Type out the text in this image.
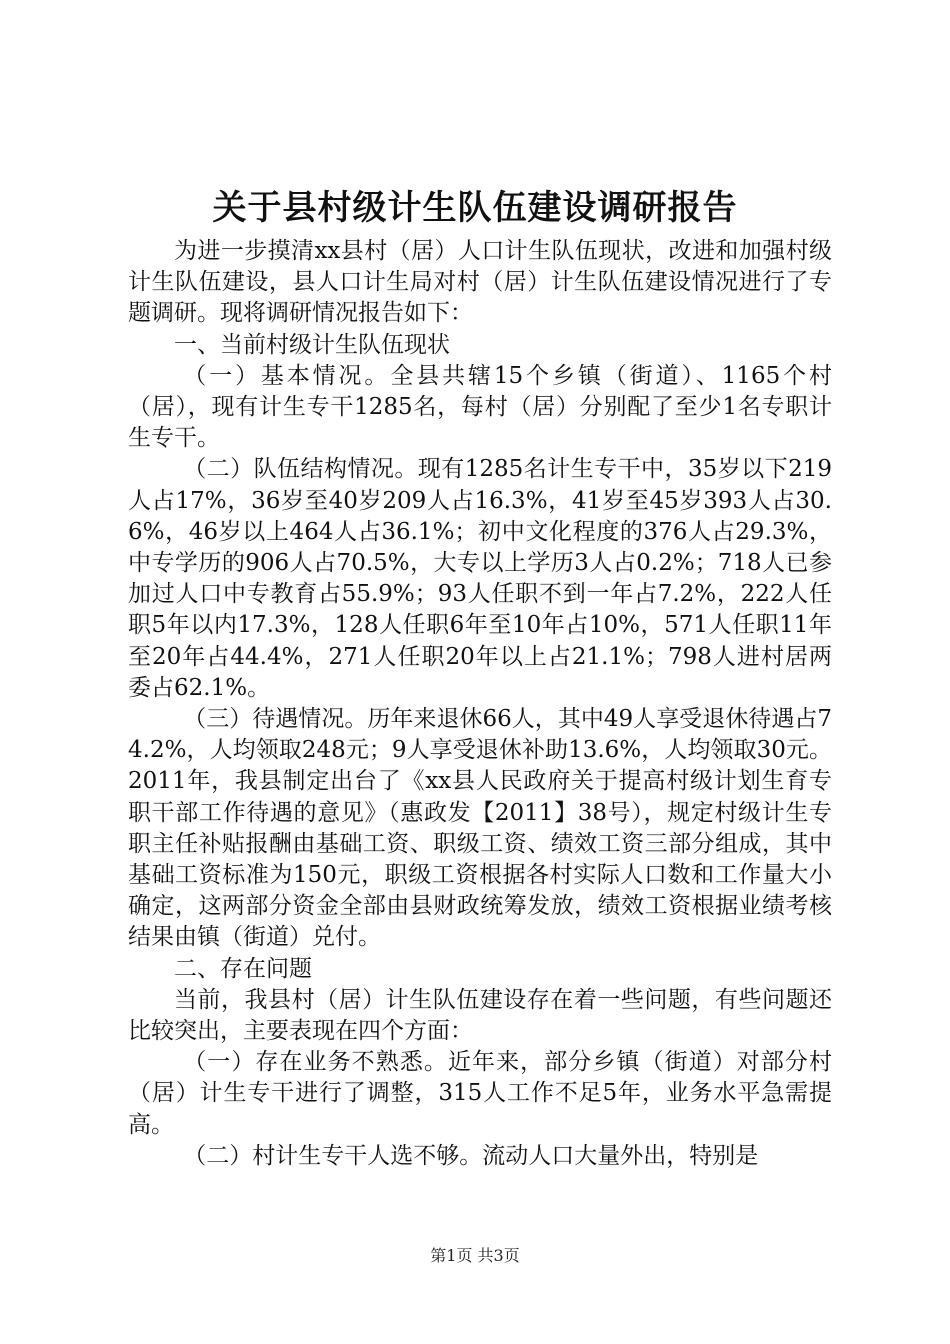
关于县村级计生队伍建设调研报告

为进一步摸清xx县村（居）人口计生队伍现状，改进和加强村级计生队伍建设，县人口计生局对村（居）计生队伍建设情况进行了专题调研。现将调研情况报告如下：

一、当前村级计生队伍现状

（一）基本情况。全县共辖15个乡镇（街道）、1165个村（居），现有计生专干1285名，每村（居）分别配了至少1名专职计生专干。

（二）队伍结构情况。现有1285名计生专干中，35岁以下219人占17%，36岁至40岁209人占16.3%，41岁至45岁393人占30.6%，46岁以上464人占36.1%；初中文化程度的376人占29.3%，中专学历的906人占70.5%，大专以上学历3人占0.2%；718人已参加过人口中专教育占55.9%；93人任职不到一年占7.2%，222人任职5年以内17.3%，128人任职6年至10年占10%，571人任职11年至20年占44.4%，271人任职20年以上占21.1%；798人进村居两委占62.1%。

（三）待遇情况。历年来退休66人，其中49人享受退休待遇占74.2%，人均领取248元；9人享受退休补助13.6%，人均领取30元。2011年，我县制定出台了《xx县人民政府关于提高村级计划生育专职干部工作待遇的意见》（惠政发【2011】38号），规定村级计生专职主任补贴报酬由基础工资、职级工资、绩效工资三部分组成，其中基础工资标准为150元，职级工资根据各村实际人口数和工作量大小确定，这两部分资金全部由县财政统筹发放，绩效工资根据业绩考核结果由镇（街道）兑付。

二、存在问题

当前，我县村（居）计生队伍建设存在着一些问题，有些问题还比较突出，主要表现在四个方面：

（一）存在业务不熟悉。近年来，部分乡镇（街道）对部分村（居）计生专干进行了调整，315人工作不足5年，业务水平急需提高。

（二）村计生专干人选不够。流动人口大量外出，特别是

第1页 共3页
